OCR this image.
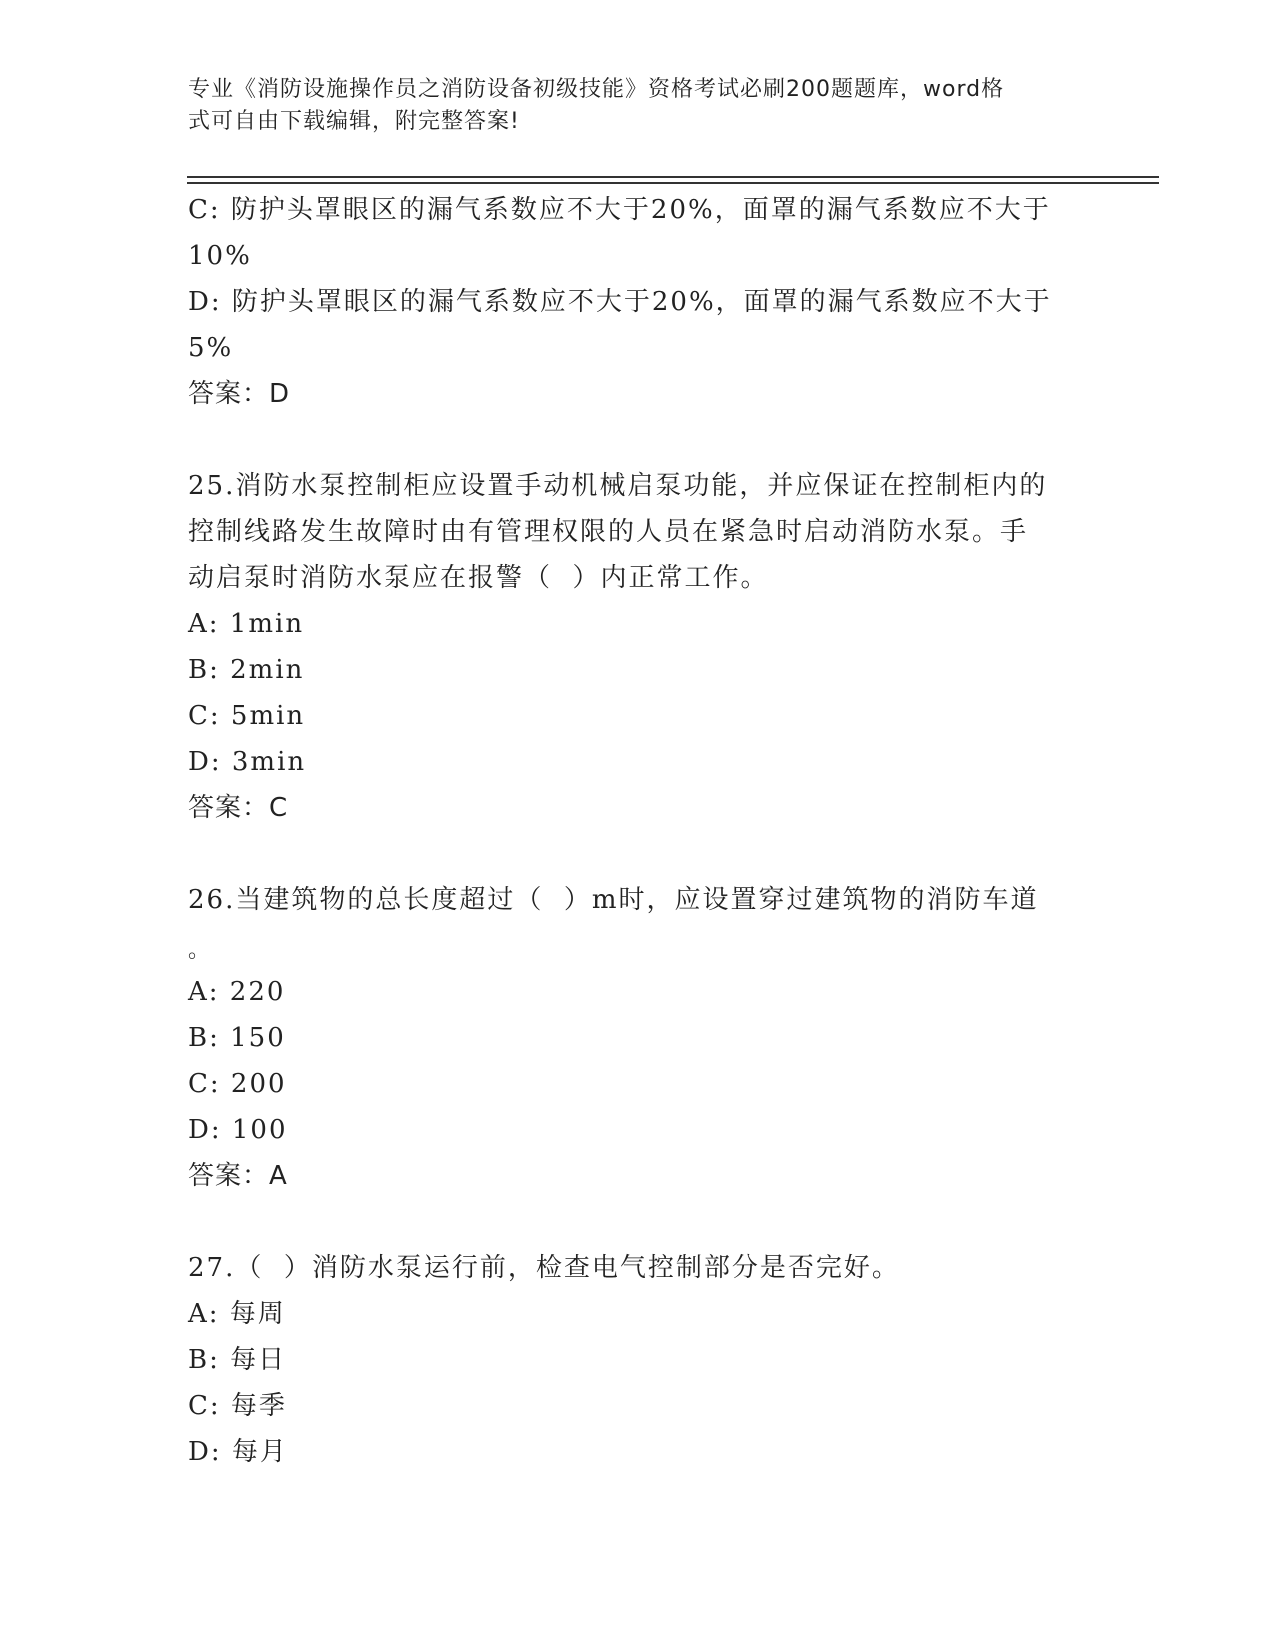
专业《消防设施操作员之消防设备初级技能》资格考试必刷200题题库，word格
式可自由下载编辑，附完整答案!
C: 防护头罩眼区的漏气系数应不大于20%，面罩的漏气系数应不大于
10%
D: 防护头罩眼区的漏气系数应不大于20%，面罩的漏气系数应不大于
5%
答案：D
25.消防水泵控制柜应设置手动机械启泵功能，并应保证在控制柜内的
控制线路发生故障时由有管理权限的人员在紧急时启动消防水泵。手
动启泵时消防水泵应在报警（  ）内正常工作。
A: 1min
B: 2min
C: 5min
D: 3min
答案：C
26.当建筑物的总长度超过（  ）m时，应设置穿过建筑物的消防车道
。
A: 220
B: 150
C: 200
D: 100
答案：A
27.（  ）消防水泵运行前，检查电气控制部分是否完好。
A: 每周
B: 每日
C: 每季
D: 每月
